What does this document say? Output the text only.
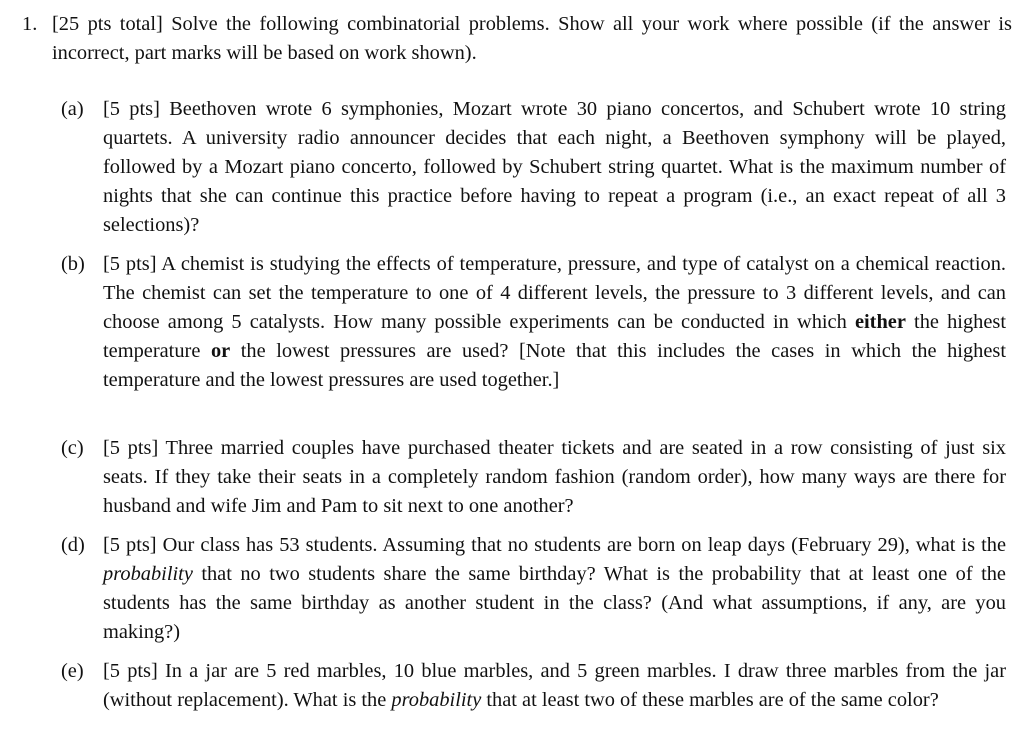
1. [25 pts total] Solve the following combinatorial problems. Show all your work where possible (if the answer is incorrect, part marks will be based on work shown).
(a) [5 pts] Beethoven wrote 6 symphonies, Mozart wrote 30 piano concertos, and Schubert wrote 10 string quartets. A university radio announcer decides that each night, a Beethoven symphony will be played, followed by a Mozart piano concerto, followed by Schubert string quartet. What is the maximum number of nights that she can continue this practice before having to repeat a program (i.e., an exact repeat of all 3 selections)?
(b) [5 pts] A chemist is studying the effects of temperature, pressure, and type of catalyst on a chemical reaction. The chemist can set the temperature to one of 4 different levels, the pressure to 3 different levels, and can choose among 5 catalysts. How many possible experiments can be conducted in which either the highest temperature or the lowest pressures are used? [Note that this includes the cases in which the highest temperature and the lowest pressures are used together.]
(c) [5 pts] Three married couples have purchased theater tickets and are seated in a row consisting of just six seats. If they take their seats in a completely random fashion (random order), how many ways are there for husband and wife Jim and Pam to sit next to one another?
(d) [5 pts] Our class has 53 students. Assuming that no students are born on leap days (February 29), what is the probability that no two students share the same birthday? What is the probability that at least one of the students has the same birthday as another student in the class? (And what assumptions, if any, are you making?)
(e) [5 pts] In a jar are 5 red marbles, 10 blue marbles, and 5 green marbles. I draw three marbles from the jar (without replacement). What is the probability that at least two of these marbles are of the same color?
